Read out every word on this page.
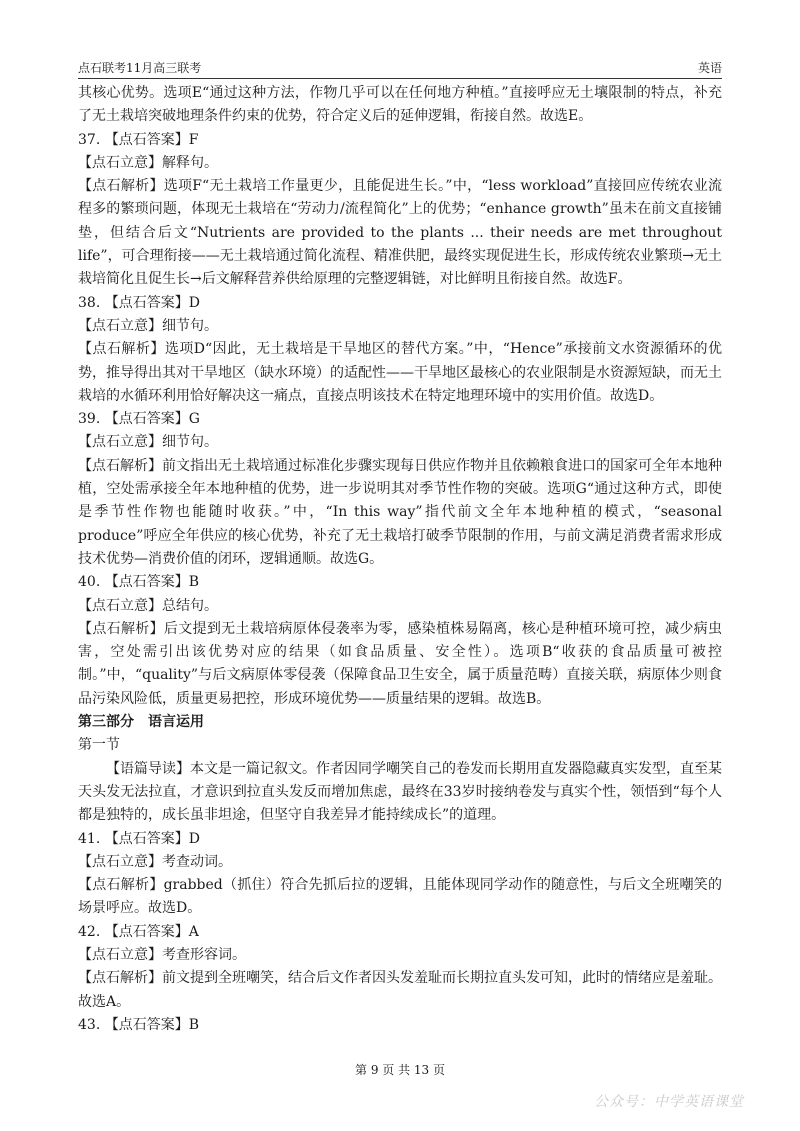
点石联考11月高三联考	英语

其核心优势。选项E“通过这种方法，作物几乎可以在任何地方种植。”直接呼应无土壤限制的特点，补充了无土栽培突破地理条件约束的优势，符合定义后的延伸逻辑，衔接自然。故选E。

37. 【点石答案】F

【点石立意】解释句。

【点石解析】选项F“无土栽培工作量更少，且能促进生长。”中，“less workload”直接回应传统农业流程多的繁琐问题，体现无土栽培在“劳动力/流程简化”上的优势；“enhance growth”虽未在前文直接铺垫，但结合后文“Nutrients are provided to the plants ... their needs are met throughout life”，可合理衔接——无土栽培通过简化流程、精准供肥，最终实现促进生长，形成传统农业繁琐→无土栽培简化且促生长→后文解释营养供给原理的完整逻辑链，对比鲜明且衔接自然。故选F。

38. 【点石答案】D

【点石立意】细节句。

【点石解析】选项D“因此，无土栽培是干旱地区的替代方案。”中，“Hence”承接前文水资源循环的优势，推导得出其对干旱地区（缺水环境）的适配性——干旱地区最核心的农业限制是水资源短缺，而无土栽培的水循环利用恰好解决这一痛点，直接点明该技术在特定地理环境中的实用价值。故选D。

39. 【点石答案】G

【点石立意】细节句。

【点石解析】前文指出无土栽培通过标准化步骤实现每日供应作物并且依赖粮食进口的国家可全年本地种植，空处需承接全年本地种植的优势，进一步说明其对季节性作物的突破。选项G“通过这种方式，即使是季节性作物也能随时收获。”中，“In this way”指代前文全年本地种植的模式，“seasonal produce”呼应全年供应的核心优势，补充了无土栽培打破季节限制的作用，与前文满足消费者需求形成技术优势—消费价值的闭环，逻辑通顺。故选G。

40. 【点石答案】B

【点石立意】总结句。

【点石解析】后文提到无土栽培病原体侵袭率为零，感染植株易隔离，核心是种植环境可控，减少病虫害，空处需引出该优势对应的结果（如食品质量、安全性）。选项B“收获的食品质量可被控制。”中，“quality”与后文病原体零侵袭（保障食品卫生安全，属于质量范畴）直接关联，病原体少则食品污染风险低，质量更易把控，形成环境优势——质量结果的逻辑。故选B。

第三部分　语言运用

第一节

【语篇导读】本文是一篇记叙文。作者因同学嘲笑自己的卷发而长期用直发器隐藏真实发型，直至某天头发无法拉直，才意识到拉直头发反而增加焦虑，最终在33岁时接纳卷发与真实个性，领悟到“每个人都是独特的，成长虽非坦途，但坚守自我差异才能持续成长”的道理。

41. 【点石答案】D

【点石立意】考查动词。

【点石解析】grabbed（抓住）符合先抓后拉的逻辑，且能体现同学动作的随意性，与后文全班嘲笑的场景呼应。故选D。

42. 【点石答案】A

【点石立意】考查形容词。

【点石解析】前文提到全班嘲笑，结合后文作者因头发羞耻而长期拉直头发可知，此时的情绪应是羞耻。故选A。

43. 【点石答案】B

第 9 页 共 13 页
公众号：中学英语课堂
